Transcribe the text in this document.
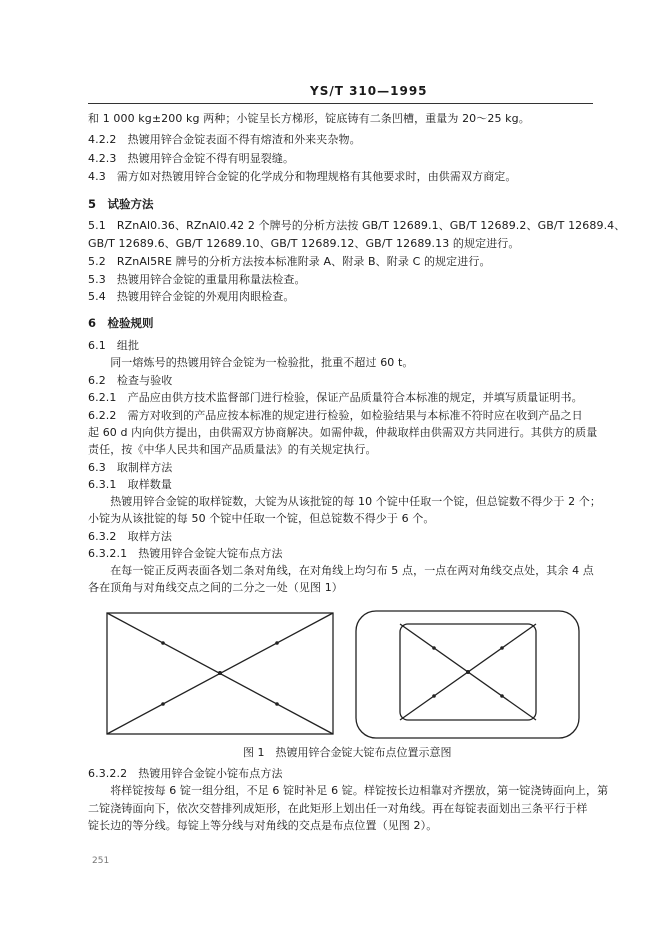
YS/T 310—1995
和 1 000 kg±200 kg 两种；小锭呈长方梯形，锭底铸有二条凹槽，重量为 20～25 kg。
4.2.2　热镀用锌合金锭表面不得有熔渣和外来夹杂物。
4.2.3　热镀用锌合金锭不得有明显裂缝。
4.3　需方如对热镀用锌合金锭的化学成分和物理规格有其他要求时，由供需双方商定。
5　试验方法
5.1　RZnAl0.36、RZnAl0.42 2 个牌号的分析方法按 GB/T 12689.1、GB/T 12689.2、GB/T 12689.4、
GB/T 12689.6、GB/T 12689.10、GB/T 12689.12、GB/T 12689.13 的规定进行。
5.2　RZnAl5RE 牌号的分析方法按本标准附录 A、附录 B、附录 C 的规定进行。
5.3　热镀用锌合金锭的重量用称量法检查。
5.4　热镀用锌合金锭的外观用肉眼检查。
6　检验规则
6.1　组批
　　同一熔炼号的热镀用锌合金锭为一检验批，批重不超过 60 t。
6.2　检查与验收
6.2.1　产品应由供方技术监督部门进行检验，保证产品质量符合本标准的规定，并填写质量证明书。
6.2.2　需方对收到的产品应按本标准的规定进行检验，如检验结果与本标准不符时应在收到产品之日
起 60 d 内向供方提出，由供需双方协商解决。如需仲裁，仲裁取样由供需双方共同进行。其供方的质量
责任，按《中华人民共和国产品质量法》的有关规定执行。
6.3　取制样方法
6.3.1　取样数量
　　热镀用锌合金锭的取样锭数，大锭为从该批锭的每 10 个锭中任取一个锭，但总锭数不得少于 2 个；
小锭为从该批锭的每 50 个锭中任取一个锭，但总锭数不得少于 6 个。
6.3.2　取样方法
6.3.2.1　热镀用锌合金锭大锭布点方法
　　在每一锭正反两表面各划二条对角线，在对角线上均匀布 5 点，一点在两对角线交点处，其余 4 点
各在顶角与对角线交点之间的二分之一处（见图 1）
图 1　热镀用锌合金锭大锭布点位置示意图
6.3.2.2　热镀用锌合金锭小锭布点方法
　　将样锭按每 6 锭一组分组，不足 6 锭时补足 6 锭。样锭按长边相靠对齐摆放，第一锭浇铸面向上，第
二锭浇铸面向下，依次交替排列成矩形，在此矩形上划出任一对角线。再在每锭表面划出三条平行于样
锭长边的等分线。每锭上等分线与对角线的交点是布点位置（见图 2）。
251
